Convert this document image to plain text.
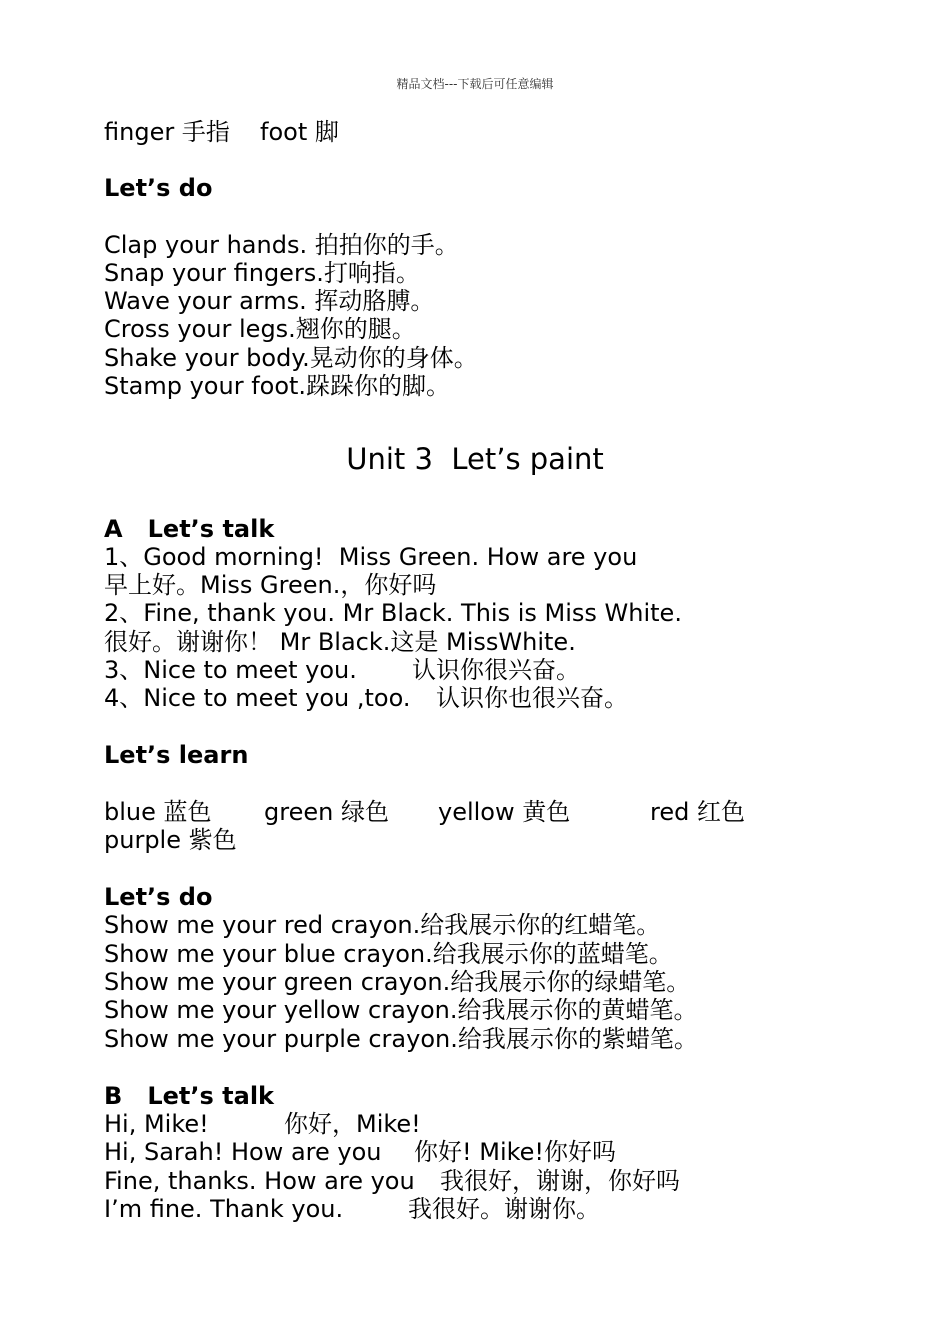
精品文档---下载后可任意编辑
finger 手指 foot 脚
Let’s do
Clap your hands. 拍拍你的手。
Snap your fingers.打响指。
Wave your arms. 挥动胳膊。
Cross your legs.翘你的腿。
Shake your body.晃动你的身体。
Stamp your foot.跺跺你的脚。
A   Let’s talk
1、Good morning!  Miss Green. How are you
早上好。Miss Green.，你好吗
2、Fine, thank you. Mr Black. This is Miss White.
很好。谢谢你！ Mr Black.这是 MissWhite.
3、Nice to meet you. 认识你很兴奋。
4、Nice to meet you ,too. 认识你也很兴奋。
Let’s learn
blue 蓝色 green 绿色 yellow 黄色	red 红色
purple 紫色
Let’s do
Show me your red crayon.给我展示你的红蜡笔。
Show me your blue crayon.给我展示你的蓝蜡笔。
Show me your green crayon.给我展示你的绿蜡笔。
Show me your yellow crayon.给我展示你的黄蜡笔。
Show me your purple crayon.给我展示你的紫蜡笔。
B   Let’s talk
Hi, Mike!	你好，Mike!
Hi, Sarah! How are you 你好! Mike!你好吗
Fine, thanks. How are you 我很好，谢谢，你好吗
I’m fine. Thank you.	我很好。谢谢你。
Unit 3  Let’s paint
